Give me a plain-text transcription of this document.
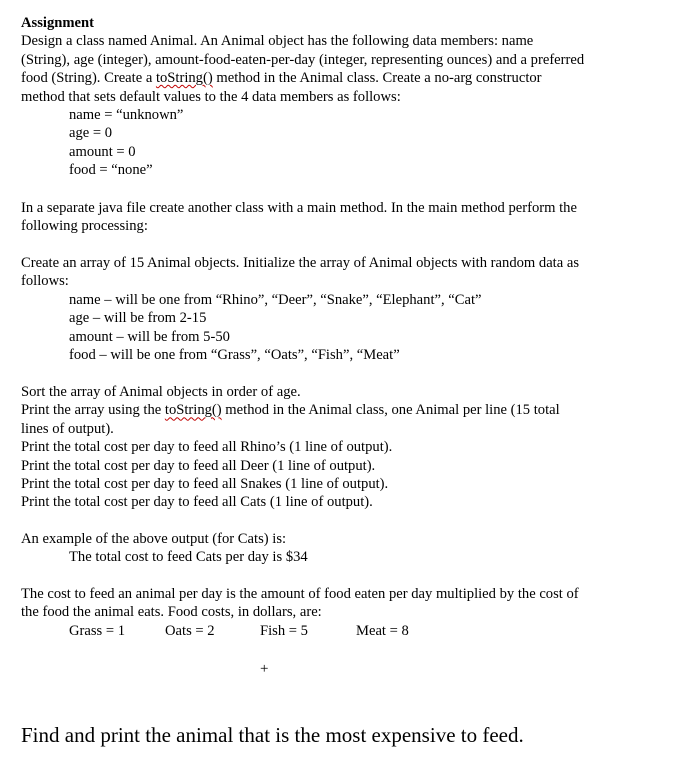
Assignment

Design a class named Animal. An Animal object has the following data members: name

(String), age (integer), amount-food-eaten-per-day (integer, representing ounces) and a preferred

food (String). Create a toString() method in the Animal class. Create a no-arg constructor

method that sets default values to the 4 data members as follows:

name = “unknown”

age = 0

amount = 0

food = “none”

In a separate java file create another class with a main method. In the main method perform the

following processing:

Create an array of 15 Animal objects. Initialize the array of Animal objects with random data as

follows:

name – will be one from “Rhino”, “Deer”, “Snake”, “Elephant”, “Cat”

age – will be from 2-15

amount – will be from 5-50

food – will be one from “Grass”, “Oats”, “Fish”, “Meat”

Sort the array of Animal objects in order of age.

Print the array using the toString() method in the Animal class, one Animal per line (15 total

lines of output).

Print the total cost per day to feed all Rhino’s (1 line of output).

Print the total cost per day to feed all Deer (1 line of output).

Print the total cost per day to feed all Snakes (1 line of output).

Print the total cost per day to feed all Cats (1 line of output).

An example of the above output (for Cats) is:

The total cost to feed Cats per day is $34

The cost to feed an animal per day is the amount of food eaten per day multiplied by the cost of

the food the animal eats. Food costs, in dollars, are:

Grass = 1	Oats = 2	Fish = 5	Meat = 8
+

Find and print the animal that is the most expensive to feed.
